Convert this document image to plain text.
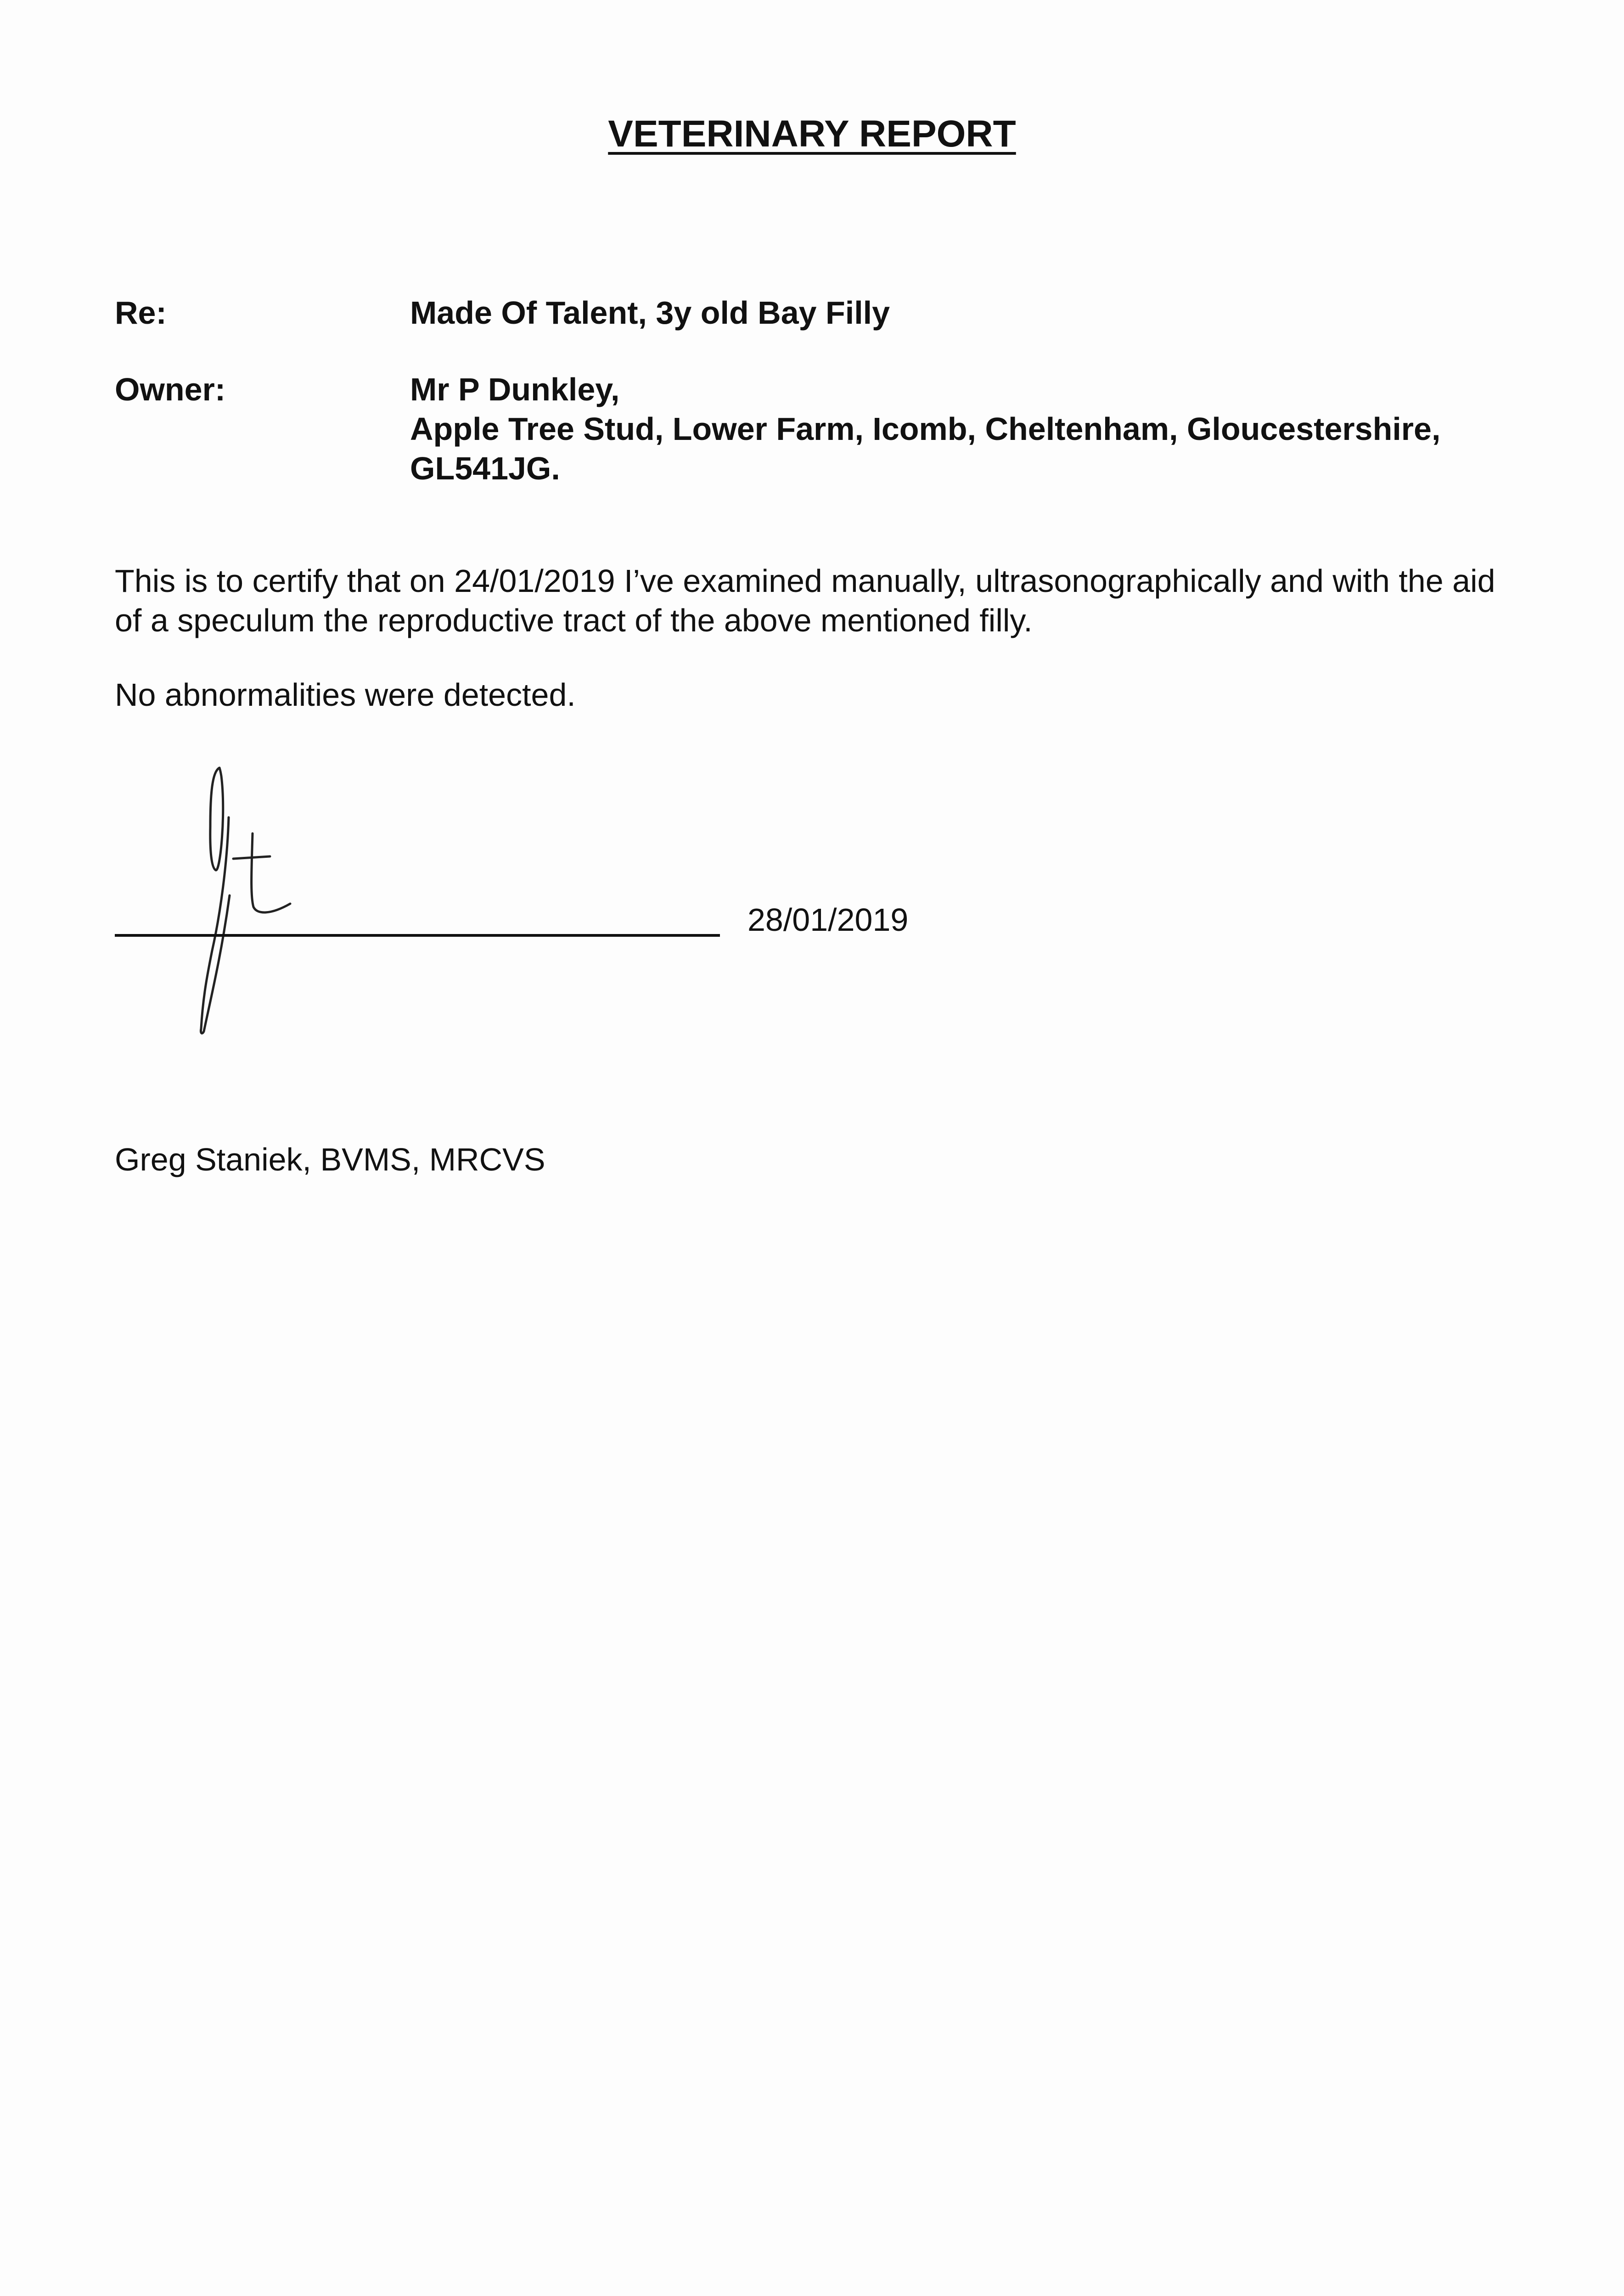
VETERINARY REPORT
Re:	Made Of Talent, 3y old Bay Filly
Owner:	Mr P Dunkley,
Apple Tree Stud, Lower Farm, Icomb, Cheltenham, Gloucestershire,
GL541JG.
This is to certify that on 24/01/2019 I’ve examined manually, ultrasonographically and with the aid of a speculum the reproductive tract of the above mentioned filly.
No abnormalities were detected.
28/01/2019
Greg Staniek, BVMS, MRCVS
